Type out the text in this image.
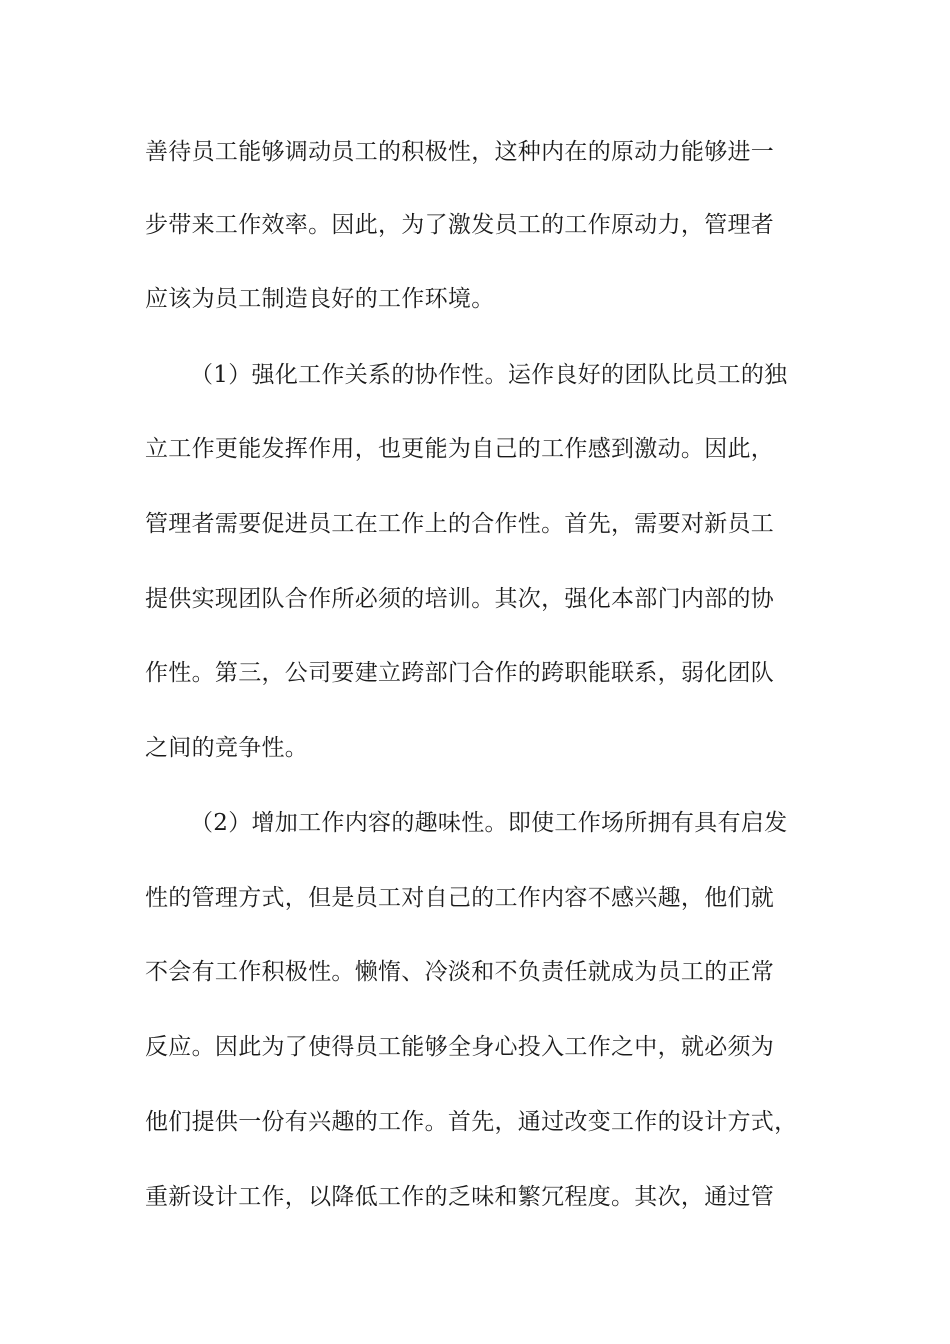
善待员工能够调动员工的积极性，这种内在的原动力能够进一
步带来工作效率。因此，为了激发员工的工作原动力，管理者
应该为员工制造良好的工作环境。
（1）强化工作关系的协作性。运作良好的团队比员工的独
立工作更能发挥作用，也更能为自己的工作感到激动。因此，
管理者需要促进员工在工作上的合作性。首先，需要对新员工
提供实现团队合作所必须的培训。其次，强化本部门内部的协
作性。第三，公司要建立跨部门合作的跨职能联系，弱化团队
之间的竞争性。
（2）增加工作内容的趣味性。即使工作场所拥有具有启发
性的管理方式，但是员工对自己的工作内容不感兴趣，他们就
不会有工作积极性。懒惰、冷淡和不负责任就成为员工的正常
反应。因此为了使得员工能够全身心投入工作之中，就必须为
他们提供一份有兴趣的工作。首先，通过改变工作的设计方式，
重新设计工作，以降低工作的乏味和繁冗程度。其次，通过管
